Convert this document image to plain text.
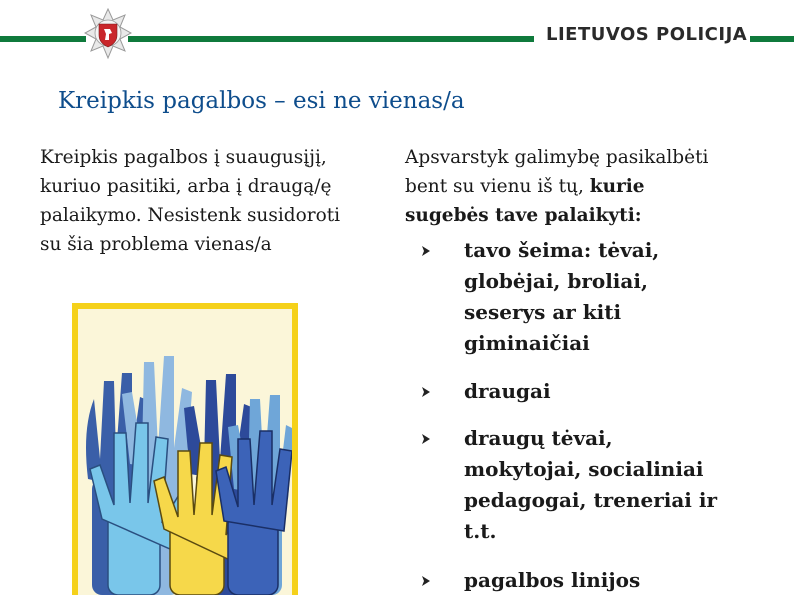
LIETUVOS POLICIJA
Kreipkis pagalbos – esi ne vienas/a
Kreipkis pagalbos į suaugusįjį,
kuriuo pasitiki, arba į draugą/ę
palaikymo. Nesistenk susidoroti
su šia problema vienas/a
Apsvarstyk galimybę pasikalbėti
bent su vienu iš tų, kurie
sugebės tave palaikyti:
tavo šeima: tėvai,
globėjai, broliai,
seserys ar kiti
giminaičiai
draugai
draugų tėvai,
mokytojai, socialiniai
pedagogai, treneriai ir
t.t.
pagalbos linijos
